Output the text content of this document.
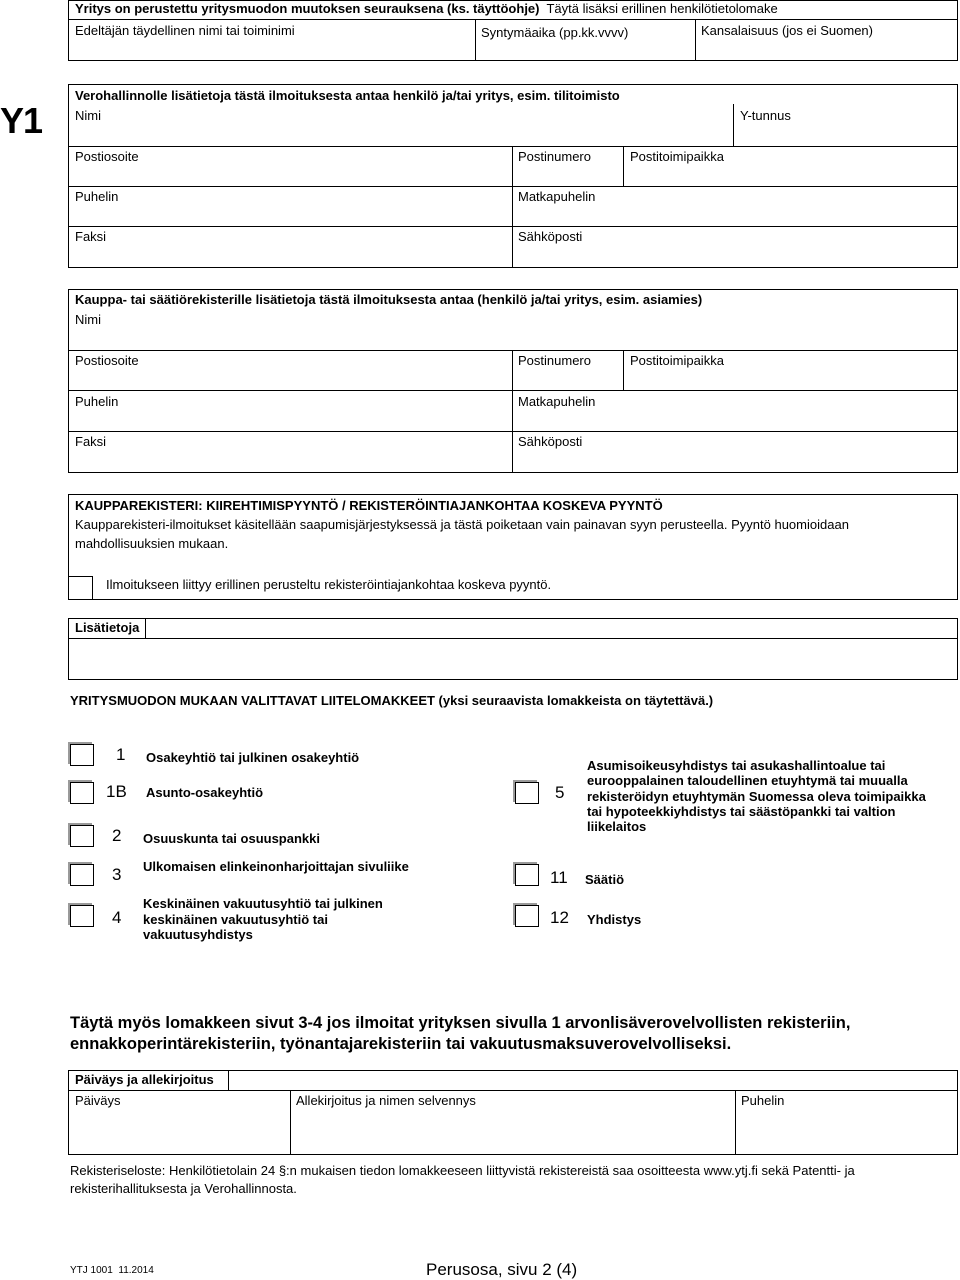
Yritys on perustettu yritysmuodon muutoksen seurauksena (ks. täyttöohje) Täytä lisäksi erillinen henkilötietolomake
Edeltäjän täydellinen nimi tai toiminimi	Syntymäaika (pp.kk.vvvv)	Kansalaisuus (jos ei Suomen)
Y1
Verohallinnolle lisätietoja tästä ilmoituksesta antaa henkilö ja/tai yritys, esim. tilitoimisto
Nimi	Y-tunnus
Postiosoite	Postinumero	Postitoimipaikka
Puhelin	Matkapuhelin
Faksi	Sähköposti
Kauppa- tai säätiörekisterille lisätietoja tästä ilmoituksesta antaa (henkilö ja/tai yritys, esim. asiamies)
Nimi
Postiosoite	Postinumero	Postitoimipaikka
Puhelin	Matkapuhelin
Faksi	Sähköposti
KAUPPAREKISTERI: KIIREHTIMISPYYNTÖ / REKISTERÖINTIAJANKOHTAA KOSKEVA PYYNTÖ
Kaupparekisteri-ilmoitukset käsitellään saapumisjärjestyksessä ja tästä poiketaan vain painavan syyn perusteella. Pyyntö huomioidaan
mahdollisuuksien mukaan.
Ilmoitukseen liittyy erillinen perusteltu rekisteröintiajankohtaa koskeva pyyntö.
Lisätietoja
YRITYSMUODON MUKAAN VALITTAVAT LIITELOMAKKEET (yksi seuraavista lomakkeista on täytettävä.)
1 Osakeyhtiö tai julkinen osakeyhtiö
1B Asunto-osakeyhtiö
2 Osuuskunta tai osuuspankki
3 Ulkomaisen elinkeinonharjoittajan sivuliike
4
Keskinäinen vakuutusyhtiö tai julkinen
keskinäinen vakuutusyhtiö tai
vakuutusyhdistys
5
Asumisoikeusyhdistys tai asukashallintoalue tai
eurooppalainen taloudellinen etuyhtymä tai muualla
rekisteröidyn etuyhtymän Suomessa oleva toimipaikka
tai hypoteekkiyhdistys tai säästöpankki tai valtion
liikelaitos
11 Säätiö
12 Yhdistys
Täytä myös lomakkeen sivut 3-4 jos ilmoitat yrityksen sivulla 1 arvonlisäverovelvollisten rekisteriin,
ennakkoperintärekisteriin, työnantajarekisteriin tai vakuutusmaksuverovelvolliseksi.
Päiväys ja allekirjoitus
Päiväys	Allekirjoitus ja nimen selvennys	Puhelin
Rekisteriseloste: Henkilötietolain 24 §:n mukaisen tiedon lomakkeeseen liittyvistä rekistereistä saa osoitteesta www.ytj.fi sekä Patentti- ja
rekisterihallituksesta ja Verohallinnosta.
YTJ 1001 11.2014	Perusosa, sivu 2 (4)
